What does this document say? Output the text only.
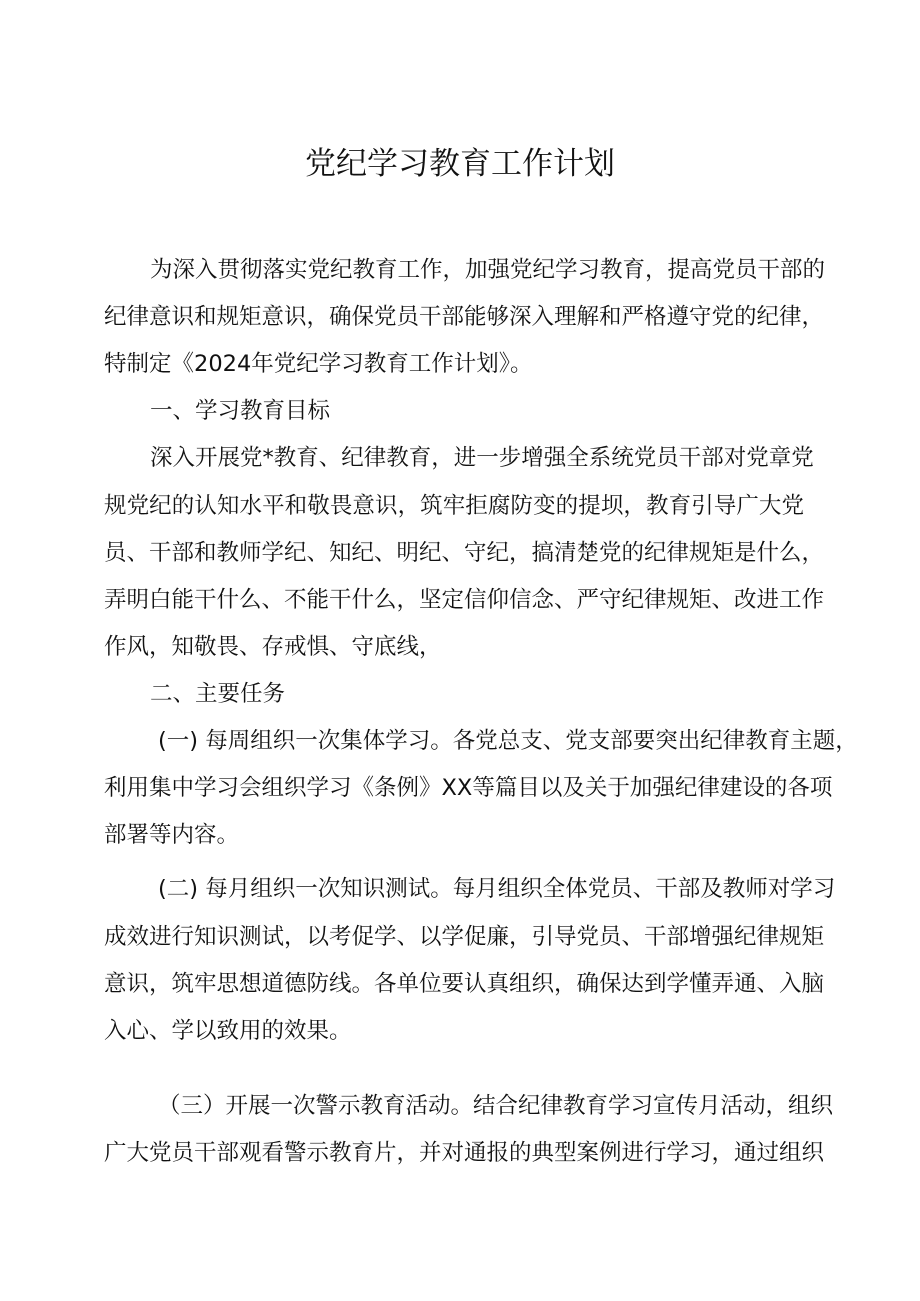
党纪学习教育工作计划
为深入贯彻落实党纪教育工作，加强党纪学习教育，提高党员干部的
纪律意识和规矩意识，确保党员干部能够深入理解和严格遵守党的纪律，
特制定《2024年党纪学习教育工作计划》。
一、学习教育目标
深入开展党*教育、纪律教育，进一步增强全系统党员干部对党章党
规党纪的认知水平和敬畏意识，筑牢拒腐防变的提坝，教育引导广大党
员、干部和教师学纪、知纪、明纪、守纪，搞清楚党的纪律规矩是什么，
弄明白能干什么、不能干什么，坚定信仰信念、严守纪律规矩、改进工作
作风，知敬畏、存戒惧、守底线，
二、主要任务
(一) 每周组织一次集体学习。各党总支、党支部要突出纪律教育主题，
利用集中学习会组织学习《条例》XX等篇目以及关于加强纪律建设的各项
部署等内容。
(二) 每月组织一次知识测试。每月组织全体党员、干部及教师对学习
成效进行知识测试，以考促学、以学促廉，引导党员、干部增强纪律规矩
意识，筑牢思想道德防线。各单位要认真组织，确保达到学懂弄通、入脑
入心、学以致用的效果。
（三）开展一次警示教育活动。结合纪律教育学习宣传月活动，组织
广大党员干部观看警示教育片，并对通报的典型案例进行学习，通过组织
